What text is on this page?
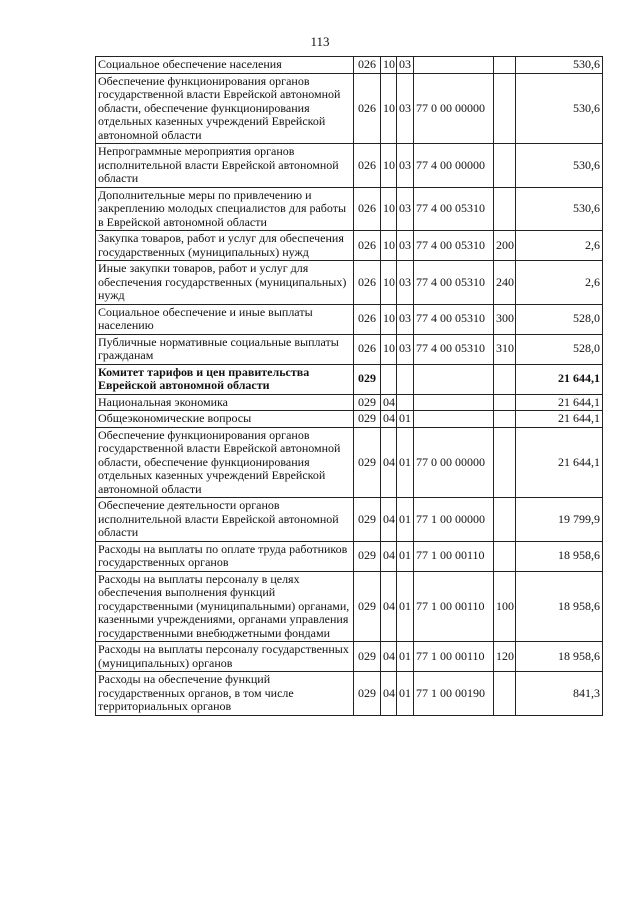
113
Социальное обеспечение населения	026	10	03			530,6
Обеспечение функционирования органов государственной власти Еврейской автономной области, обеспечение функционирования отдельных казенных учреждений Еврейской автономной области	026	10	03	77 0 00 00000		530,6
Непрограммные мероприятия органов исполнительной власти Еврейской автономной области	026	10	03	77 4 00 00000		530,6
Дополнительные меры по привлечению и закреплению молодых специалистов для работы в Еврейской автономной области	026	10	03	77 4 00 05310		530,6
Закупка товаров, работ и услуг для обеспечения государственных (муниципальных) нужд	026	10	03	77 4 00 05310	200	2,6
Иные закупки товаров, работ и услуг для обеспечения государственных (муниципальных) нужд	026	10	03	77 4 00 05310	240	2,6
Социальное обеспечение и иные выплаты населению	026	10	03	77 4 00 05310	300	528,0
Публичные нормативные социальные выплаты гражданам	026	10	03	77 4 00 05310	310	528,0
Комитет тарифов и цен правительства Еврейской автономной области	029					21 644,1
Национальная экономика	029	04				21 644,1
Общеэкономические вопросы	029	04	01			21 644,1
Обеспечение функционирования органов государственной власти Еврейской автономной области, обеспечение функционирования отдельных казенных учреждений Еврейской автономной области	029	04	01	77 0 00 00000		21 644,1
Обеспечение деятельности органов исполнительной власти Еврейской автономной области	029	04	01	77 1 00 00000		19 799,9
Расходы на выплаты по оплате труда работников государственных органов	029	04	01	77 1 00 00110		18 958,6
Расходы на выплаты персоналу в целях обеспечения выполнения функций государственными (муниципальными) органами, казенными учреждениями, органами управления государственными внебюджетными фондами	029	04	01	77 1 00 00110	100	18 958,6
Расходы на выплаты персоналу государственных (муниципальных) органов	029	04	01	77 1 00 00110	120	18 958,6
Расходы на обеспечение функций государственных органов, в том числе территориальных органов	029	04	01	77 1 00 00190		841,3
